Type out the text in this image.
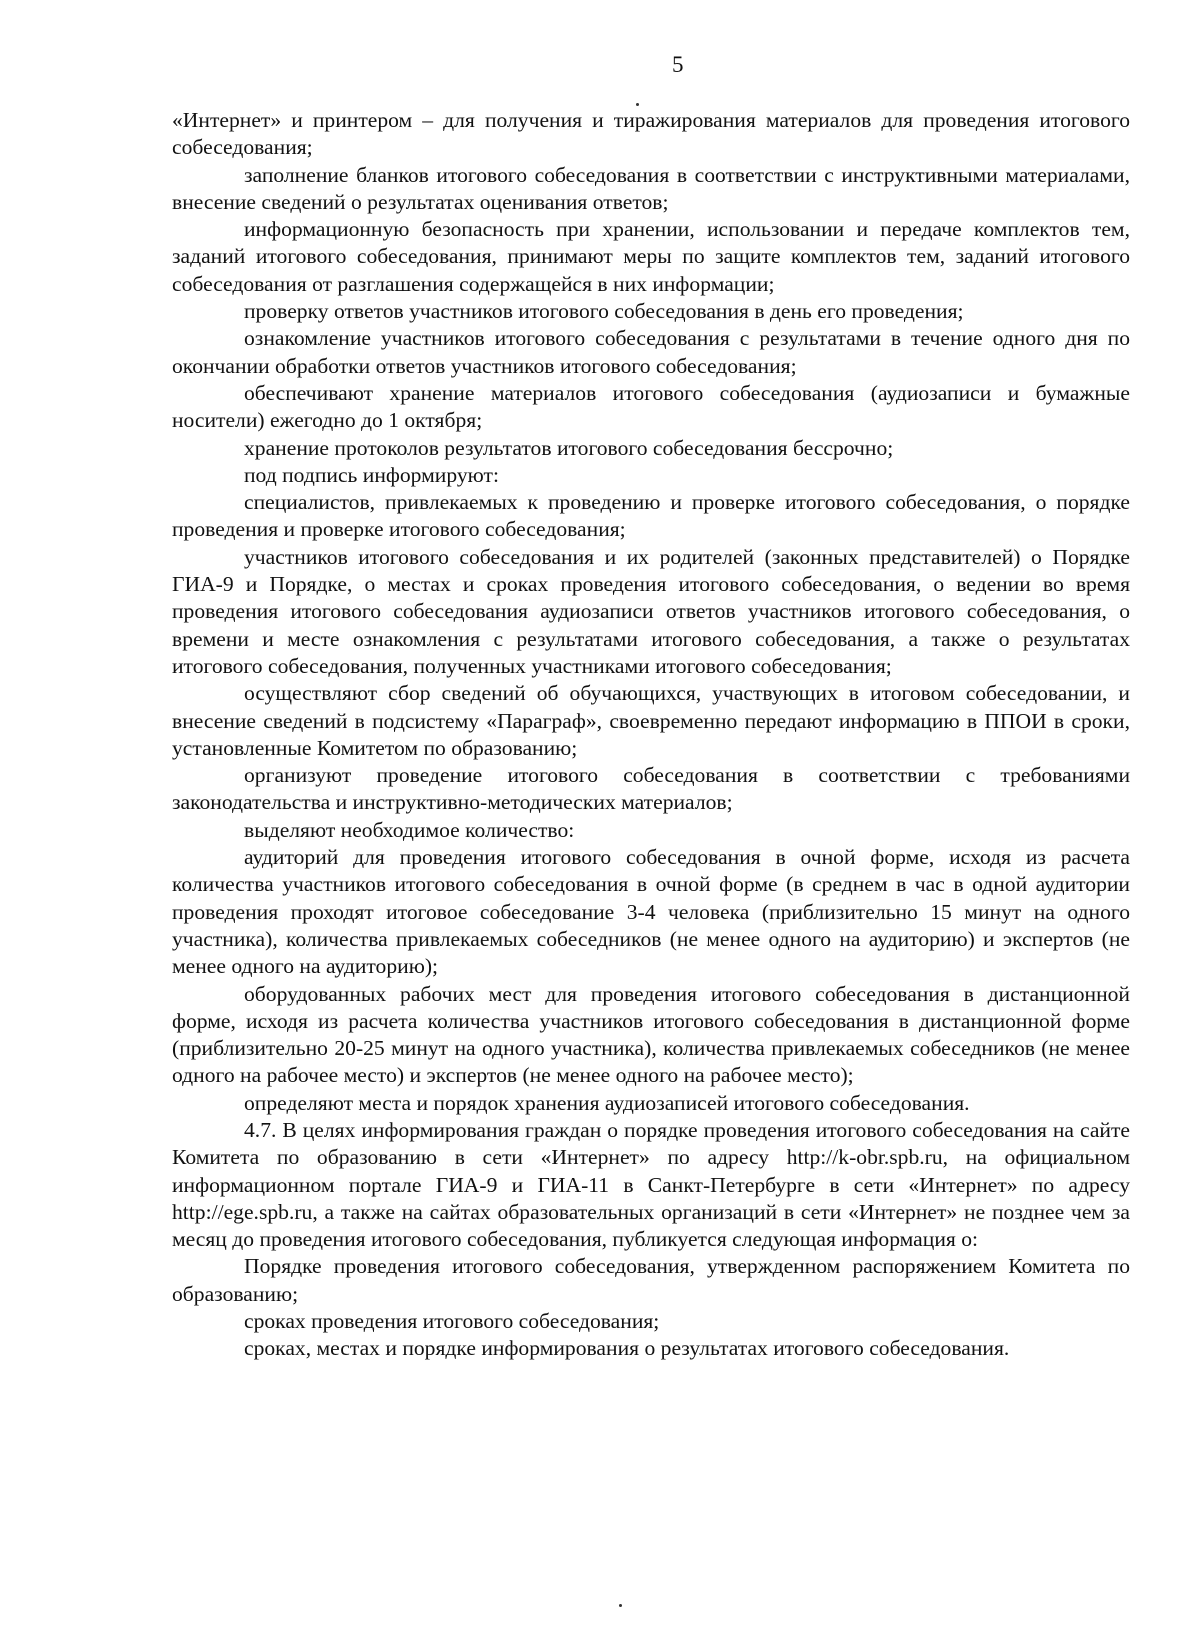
5

«Интернет» и принтером – для получения и тиражирования материалов для проведения итогового собеседования;

заполнение бланков итогового собеседования в соответствии с инструктивными материалами, внесение сведений о результатах оценивания ответов;

информационную безопасность при хранении, использовании и передаче комплектов тем, заданий итогового собеседования, принимают меры по защите комплектов тем, заданий итогового собеседования от разглашения содержащейся в них информации;

проверку ответов участников итогового собеседования в день его проведения;

ознакомление участников итогового собеседования с результатами в течение одного дня по окончании обработки ответов участников итогового собеседования;

обеспечивают хранение материалов итогового собеседования (аудиозаписи и бумажные носители) ежегодно до 1 октября;

хранение протоколов результатов итогового собеседования бессрочно;

под подпись информируют:

специалистов, привлекаемых к проведению и проверке итогового собеседования, о порядке проведения и проверке итогового собеседования;

участников итогового собеседования и их родителей (законных представителей) о Порядке ГИА-9 и Порядке, о местах и сроках проведения итогового собеседования, о ведении во время проведения итогового собеседования аудиозаписи ответов участников итогового собеседования, о времени и месте ознакомления с результатами итогового собеседования, а также о результатах итогового собеседования, полученных участниками итогового собеседования;

осуществляют сбор сведений об обучающихся, участвующих в итоговом собеседовании, и внесение сведений в подсистему «Параграф», своевременно передают информацию в ППОИ в сроки, установленные Комитетом по образованию;

организуют проведение итогового собеседования в соответствии с требованиями законодательства и инструктивно-методических материалов;

выделяют необходимое количество:

аудиторий для проведения итогового собеседования в очной форме, исходя из расчета количества участников итогового собеседования в очной форме (в среднем в час в одной аудитории проведения проходят итоговое собеседование 3-4 человека (приблизительно 15 минут на одного участника), количества привлекаемых собеседников (не менее одного на аудиторию) и экспертов (не менее одного на аудиторию);

оборудованных рабочих мест для проведения итогового собеседования в дистанционной форме, исходя из расчета количества участников итогового собеседования в дистанционной форме (приблизительно 20-25 минут на одного участника), количества привлекаемых собеседников (не менее одного на рабочее место) и экспертов (не менее одного на рабочее место);

определяют места и порядок хранения аудиозаписей итогового собеседования.

4.7. В целях информирования граждан о порядке проведения итогового собеседования на сайте Комитета по образованию в сети «Интернет» по адресу http://k-obr.spb.ru, на официальном информационном портале ГИА-9 и ГИА-11 в Санкт-Петербурге в сети «Интернет» по адресу http://ege.spb.ru, а также на сайтах образовательных организаций в сети «Интернет» не позднее чем за месяц до проведения итогового собеседования, публикуется следующая информация о:

Порядке проведения итогового собеседования, утвержденном распоряжением Комитета по образованию;

сроках проведения итогового собеседования;

сроках, местах и порядке информирования о результатах итогового собеседования.
